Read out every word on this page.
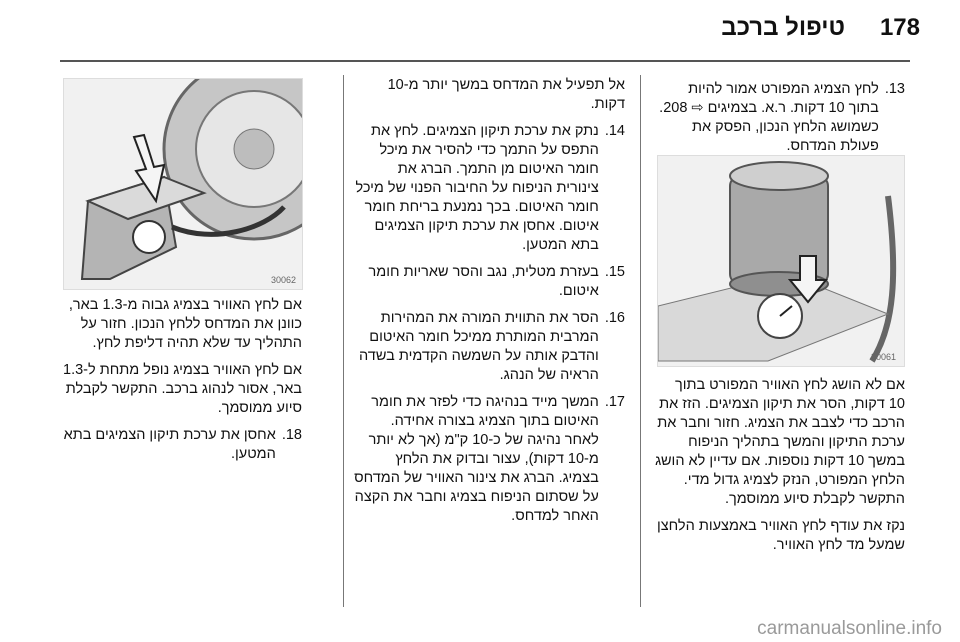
178
טיפול ברכב
13.
לחץ הצמיג המפורט אמור להיות בתוך 10 דקות. ר.א. בצמיגים ⇨ 208. כשמושג הלחץ הנכון, הפסק את פעולת המדחס.
30061

אם לא הושג לחץ האוויר המפורט בתוך 10 דקות, הסר את תיקון הצמיגים. הזז את הרכב כדי לצבב את הצמיג. חזור וחבר את ערכת התיקון והמשך בתהליך הניפוח במשך 10 דקות נוספות. אם עדיין לא הושג הלחץ המפורט, הנזק לצמיג גדול מדי. התקשר לקבלת סיוע ממוסמך.

נקז את עודף לחץ האוויר באמצעות הלחצן שמעל מד לחץ האוויר.

אל תפעיל את המדחס במשך יותר מ-10 דקות.

14.
נתק את ערכת תיקון הצמיגים. לחץ את התפס על התמך כדי להסיר את מיכל חומר האיטום מן התמך. הברג את צינורית הניפוח על החיבור הפנוי של מיכל חומר האיטום. בכך נמנעת בריחת חומר איטום. אחסן את ערכת תיקון הצמיגים בתא המטען.
15.
בעזרת מטלית, נגב והסר שאריות חומר איטום.
16.
הסר את התווית המורה את המהירות המרבית המותרת ממיכל חומר האיטום והדבק אותה על השמשה הקדמית בשדה הראיה של הנהג.
17.
המשך מייד בנהיגה כדי לפזר את חומר האיטום בתוך הצמיג בצורה אחידה. לאחר נהיגה של כ-10 ק"מ (אך לא יותר מ-10 דקות), עצור ובדוק את הלחץ בצמיג. הברג את צינור האוויר של המדחס על שסתום הניפוח בצמיג וחבר את הקצה האחר למדחס.
30062

אם לחץ האוויר בצמיג גבוה מ-1.3 באר, כוונן את המדחס ללחץ הנכון. חזור על התהליך עד שלא תהיה דליפת לחץ.

אם לחץ האוויר בצמיג נופל מתחת ל-1.3 באר, אסור לנהוג ברכב. התקשר לקבלת סיוע ממוסמך.

18.
אחסן את ערכת תיקון הצמיגים בתא המטען.
carmanualsonline.info
